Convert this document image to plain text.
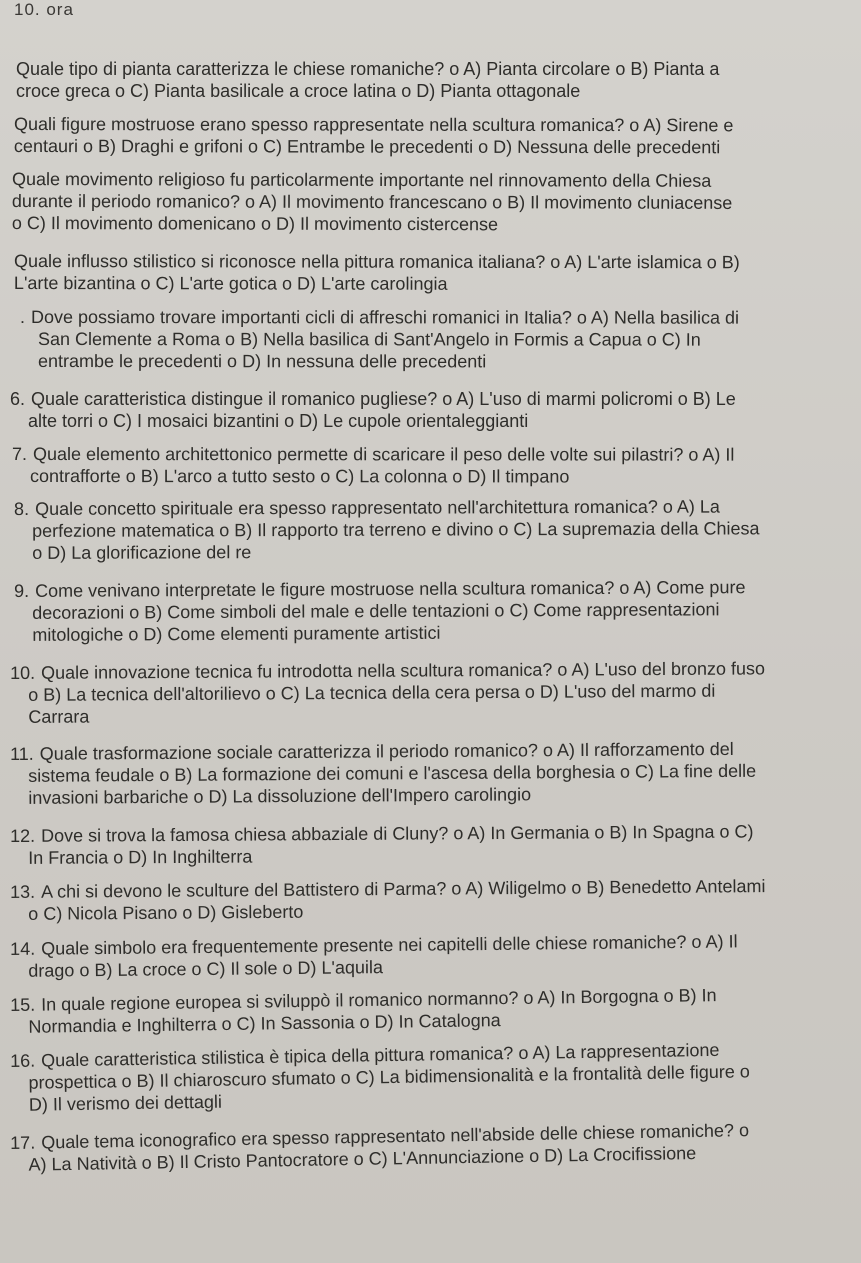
10. ora

Quale tipo di pianta caratterizza le chiese romaniche? o A) Pianta circolare o B) Pianta a

croce greca o C) Pianta basilicale a croce latina o D) Pianta ottagonale

Quali figure mostruose erano spesso rappresentate nella scultura romanica? o A) Sirene e

centauri o B) Draghi e grifoni o C) Entrambe le precedenti o D) Nessuna delle precedenti

Quale movimento religioso fu particolarmente importante nel rinnovamento della Chiesa

durante il periodo romanico? o A) Il movimento francescano o B) Il movimento cluniacense

o C) Il movimento domenicano o D) Il movimento cistercense

Quale influsso stilistico si riconosce nella pittura romanica italiana? o A) L'arte islamica o B)

L'arte bizantina o C) L'arte gotica o D) L'arte carolingia

. Dove possiamo trovare importanti cicli di affreschi romanici in Italia? o A) Nella basilica di

San Clemente a Roma o B) Nella basilica di Sant'Angelo in Formis a Capua o C) In

entrambe le precedenti o D) In nessuna delle precedenti

6. Quale caratteristica distingue il romanico pugliese? o A) L'uso di marmi policromi o B) Le

alte torri o C) I mosaici bizantini o D) Le cupole orientaleggianti

7. Quale elemento architettonico permette di scaricare il peso delle volte sui pilastri? o A) Il

contrafforte o B) L'arco a tutto sesto o C) La colonna o D) Il timpano

8. Quale concetto spirituale era spesso rappresentato nell'architettura romanica? o A) La

perfezione matematica o B) Il rapporto tra terreno e divino o C) La supremazia della Chiesa

o D) La glorificazione del re

9. Come venivano interpretate le figure mostruose nella scultura romanica? o A) Come pure

decorazioni o B) Come simboli del male e delle tentazioni o C) Come rappresentazioni

mitologiche o D) Come elementi puramente artistici

10. Quale innovazione tecnica fu introdotta nella scultura romanica? o A) L'uso del bronzo fuso

o B) La tecnica dell'altorilievo o C) La tecnica della cera persa o D) L'uso del marmo di

Carrara

11. Quale trasformazione sociale caratterizza il periodo romanico? o A) Il rafforzamento del

sistema feudale o B) La formazione dei comuni e l'ascesa della borghesia o C) La fine delle

invasioni barbariche o D) La dissoluzione dell'Impero carolingio

12. Dove si trova la famosa chiesa abbaziale di Cluny? o A) In Germania o B) In Spagna o C)

In Francia o D) In Inghilterra

13. A chi si devono le sculture del Battistero di Parma? o A) Wiligelmo o B) Benedetto Antelami

o C) Nicola Pisano o D) Gisleberto

14. Quale simbolo era frequentemente presente nei capitelli delle chiese romaniche? o A) Il

drago o B) La croce o C) Il sole o D) L'aquila

15. In quale regione europea si sviluppò il romanico normanno? o A) In Borgogna o B) In

Normandia e Inghilterra o C) In Sassonia o D) In Catalogna

16. Quale caratteristica stilistica è tipica della pittura romanica? o A) La rappresentazione

prospettica o B) Il chiaroscuro sfumato o C) La bidimensionalità e la frontalità delle figure o

D) Il verismo dei dettagli

17. Quale tema iconografico era spesso rappresentato nell'abside delle chiese romaniche? o

A) La Natività o B) Il Cristo Pantocratore o C) L'Annunciazione o D) La Crocifissione
